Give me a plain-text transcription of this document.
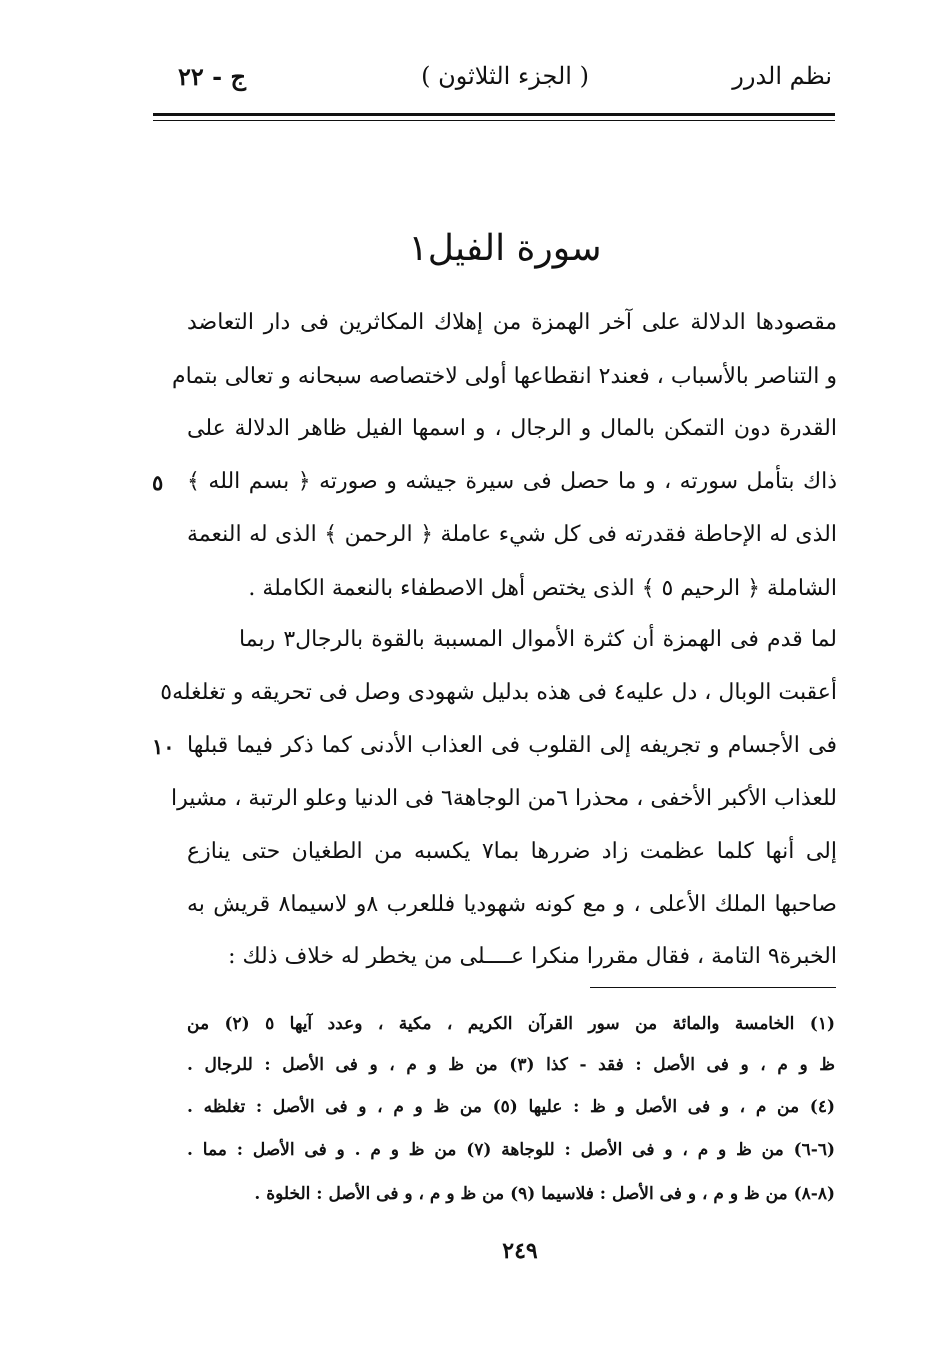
ج - ٢٢	( الجزء الثلاثون )	نظم الدرر
سورة الفيل١
مقصودها الدلالة على آخر الهمزة من إهلاك المكاثرين فى دار التعاضد
و التناصر بالأسباب ، فعند٢ انقطاعها أولى لاختصاصه سبحانه و تعالى بتمام
القدرة دون التمكن بالمال و الرجال ، و اسمها الفيل ظاهر الدلالة على
ذاك بتأمل سورته ، و ما حصل فى سيرة جيشه و صورته ﴿ بسم الله ﴾
٥
الذى له الإحاطة فقدرته فى كل شيء عاملة ﴿ الرحمن ﴾ الذى له النعمة
الشاملة ﴿ الرحيم ٥ ﴾ الذى يختص أهل الاصطفاء بالنعمة الكاملة .
لما قدم فى الهمزة أن كثرة الأموال المسببة بالقوة بالرجال٣ ربما
أعقبت الوبال ، دل عليه٤ فى هذه بدليل شهودى وصل فى تحريقه و تغلغله٥
فى الأجسام و تجريفه إلى القلوب فى العذاب الأدنى كما ذكر فيما قبلها
١٠
للعذاب الأكبر الأخفى ، محذرا ٦من الوجاهة٦ فى الدنيا وعلو الرتبة ، مشيرا
إلى أنها كلما عظمت زاد ضررها بما٧ يكسبه من الطغيان حتى ينازع
صاحبها الملك الأعلى ، و مع كونه شهوديا فللعرب ٨و لاسيما٨ قريش به
الخبرة٩ التامة ، فقال مقررا منكرا عــــلى من يخطر له خلاف ذلك :
(١) الخامسة والمائة من سور القرآن الكريم ، مكية ، وعدد آيها ٥ (٢) من
ظ و م ، و فى الأصل : فقد - كذا (٣) من ظ و م ، و فى الأصل : للرجال .
(٤) من م ، و فى الأصل و ظ : عليها (٥) من ظ و م ، و فى الأصل : تغلظه .
(٦-٦) من ظ و م ، و فى الأصل : للوجاهة (٧) من ظ و م . و فى الأصل : مما .
(٨-٨) من ظ و م ، و فى الأصل : فلاسيما (٩) من ظ و م ، و فى الأصل : الخلوة .
٢٤٩
